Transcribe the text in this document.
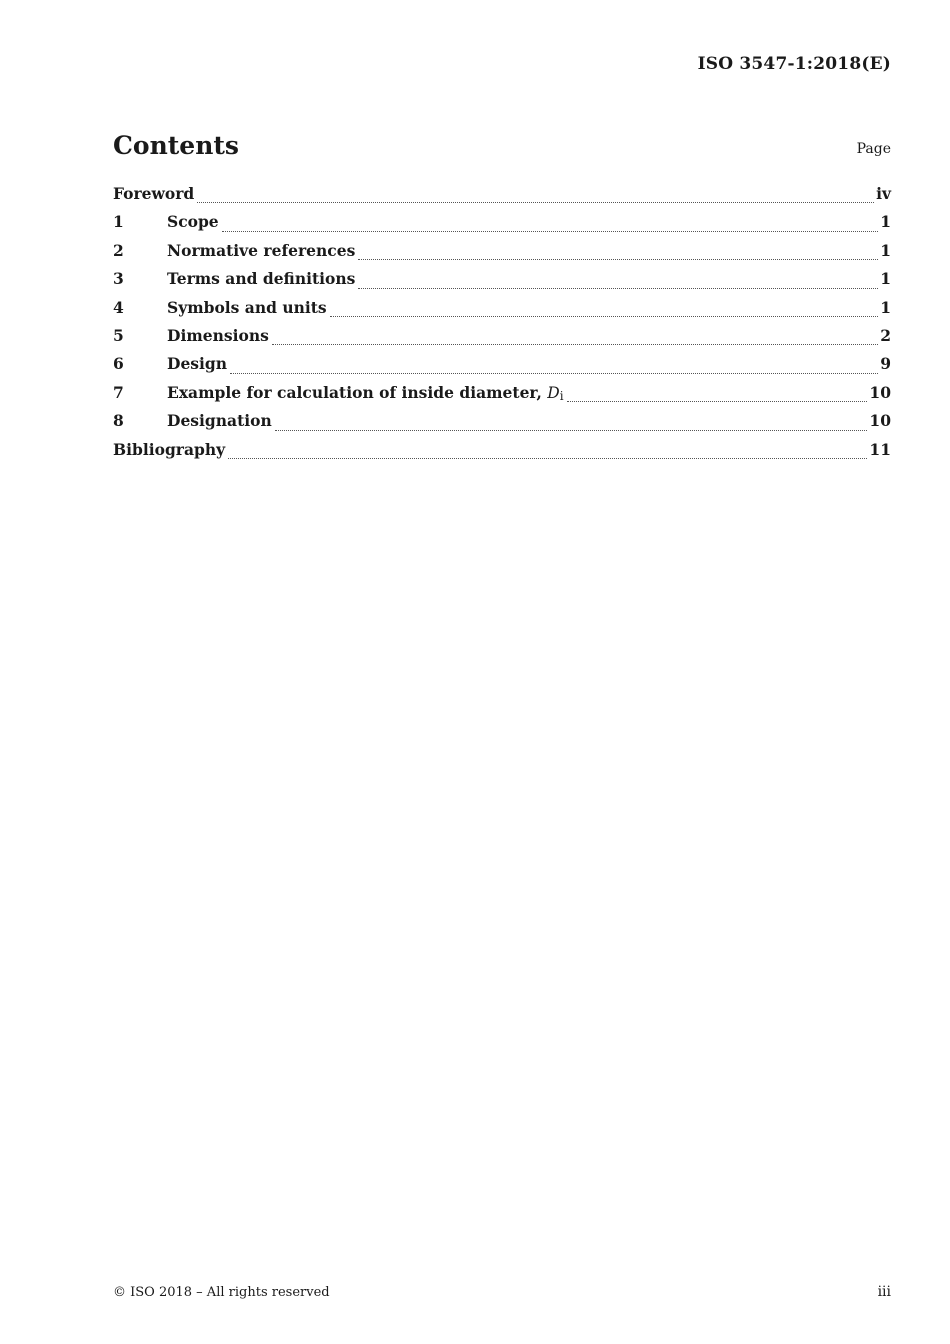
ISO 3547-1:2018(E)
Contents	Page
Foreword	iv
1	Scope	1
2	Normative references	1
3	Terms and definitions	1
4	Symbols and units	1
5	Dimensions	2
6	Design	9
7	Example for calculation of inside diameter, Di	10
8	Designation	10
Bibliography	11
© ISO 2018 – All rights reserved	iii
